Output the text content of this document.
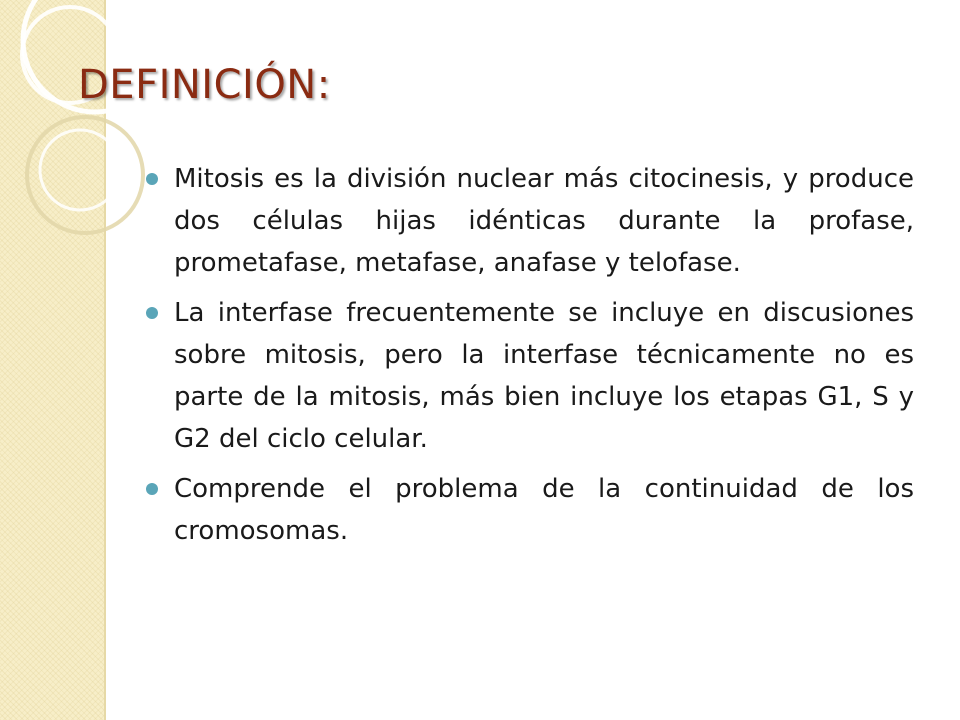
DEFINICIÓN:
Mitosis es la división nuclear más citocinesis, y produce dos células hijas idénticas durante la profase, prometafase, metafase, anafase y telofase.
La interfase frecuentemente se incluye en discusiones sobre mitosis, pero la interfase técnicamente no es parte de la mitosis, más bien incluye los etapas G1, S y G2 del ciclo celular.
Comprende el problema de la continuidad de los cromosomas.
